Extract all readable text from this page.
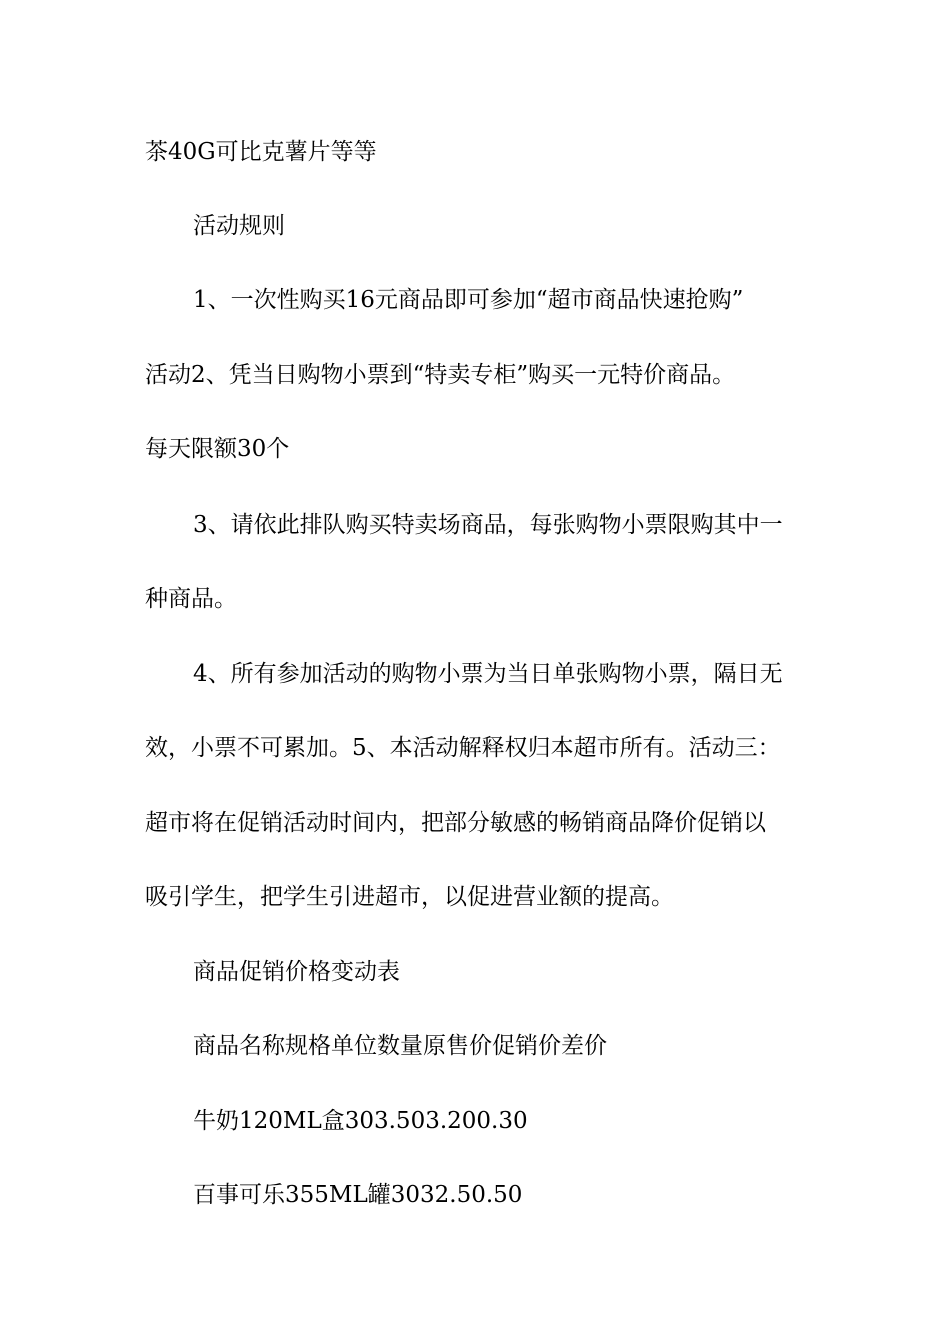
茶40G可比克薯片等等
活动规则
1、一次性购买16元商品即可参加“超市商品快速抢购”
活动2、凭当日购物小票到“特卖专柜”购买一元特价商品。
每天限额30个
3、请依此排队购买特卖场商品，每张购物小票限购其中一
种商品。
4、所有参加活动的购物小票为当日单张购物小票，隔日无
效，小票不可累加。5、本活动解释权归本超市所有。活动三：
超市将在促销活动时间内，把部分敏感的畅销商品降价促销以
吸引学生，把学生引进超市，以促进营业额的提高。
商品促销价格变动表
商品名称规格单位数量原售价促销价差价
牛奶120ML盒303.503.200.30
百事可乐355ML罐3032.50.50
